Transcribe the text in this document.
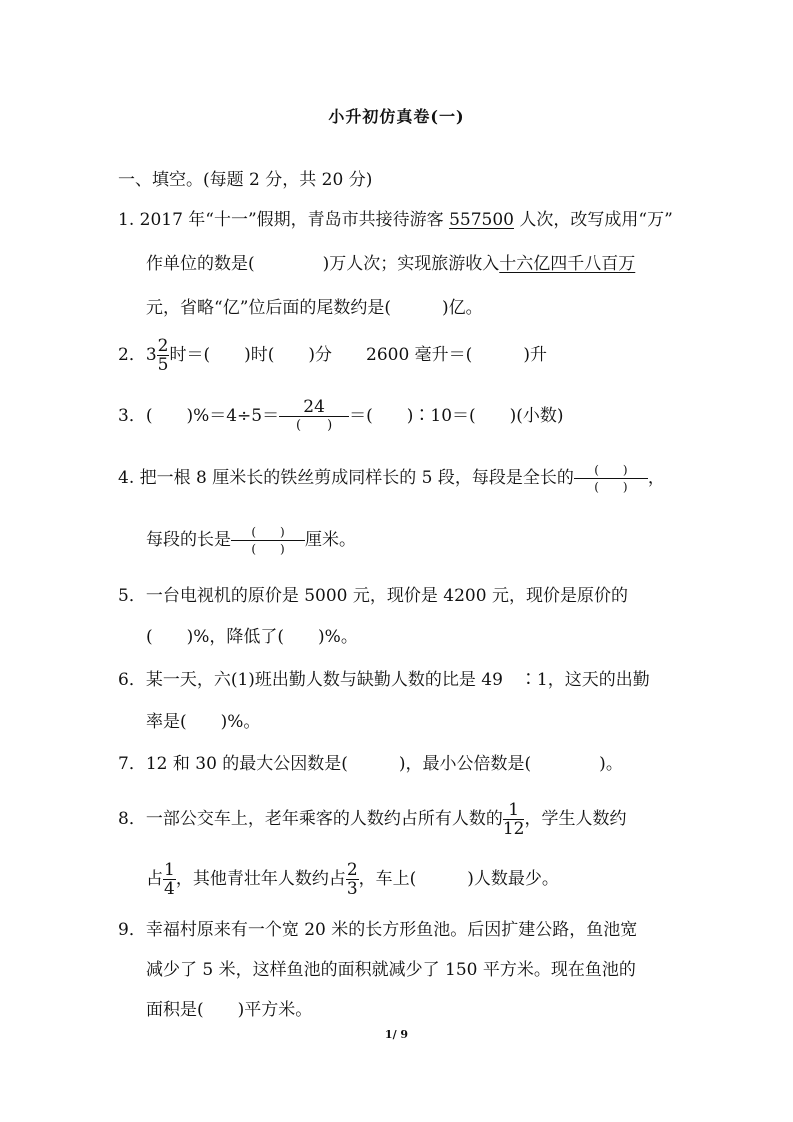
小升初仿真卷(一)
一、填空。(每题 2 分，共 20 分)
1. 2017 年“十一”假期，青岛市共接待游客 557500 人次，改写成用“万”
作单位的数是(　　　　)万人次；实现旅游收入十六亿四千八百万
元，省略“亿”位后面的尾数约是(　　　)亿。
2．$3 \frac{2}{5}$ 时＝(　　)时(　　)分　　2600 毫升＝(　　　)升
3．(　　)$\%=4\div 5= \frac{24}{( )}$ ＝(　　)∶10＝(　　)(小数)
4. 把一根 8 厘米长的铁丝剪成同样长的 5 段，每段是全长的 $\frac{( )}{( )}$ ，
每段的长是 $\frac{( )}{( )}$ 厘米。
5．一台电视机的原价是 5000 元，现价是 4200 元，现价是原价的
(　　)%，降低了(　　)%。
6．某一天，六(1)班出勤人数与缺勤人数的比是 49　∶1，这天的出勤
率是(　　)%。
7．12 和 30 的最大公因数是(　　　)，最小公倍数是(　　　　)。
8．一部公交车上，老年乘客的人数约占所有人数的 $\frac{1}{12}$ ，学生人数约
占 $\frac{1}{4}$ ，其他青壮年人数约占 $\frac{2}{3}$ ，车上(　　　)人数最少。
9．幸福村原来有一个宽 20 米的长方形鱼池。后因扩建公路，鱼池宽
减少了 5 米，这样鱼池的面积就减少了 150 平方米。现在鱼池的
面积是(　　)平方米。
1/ 9
